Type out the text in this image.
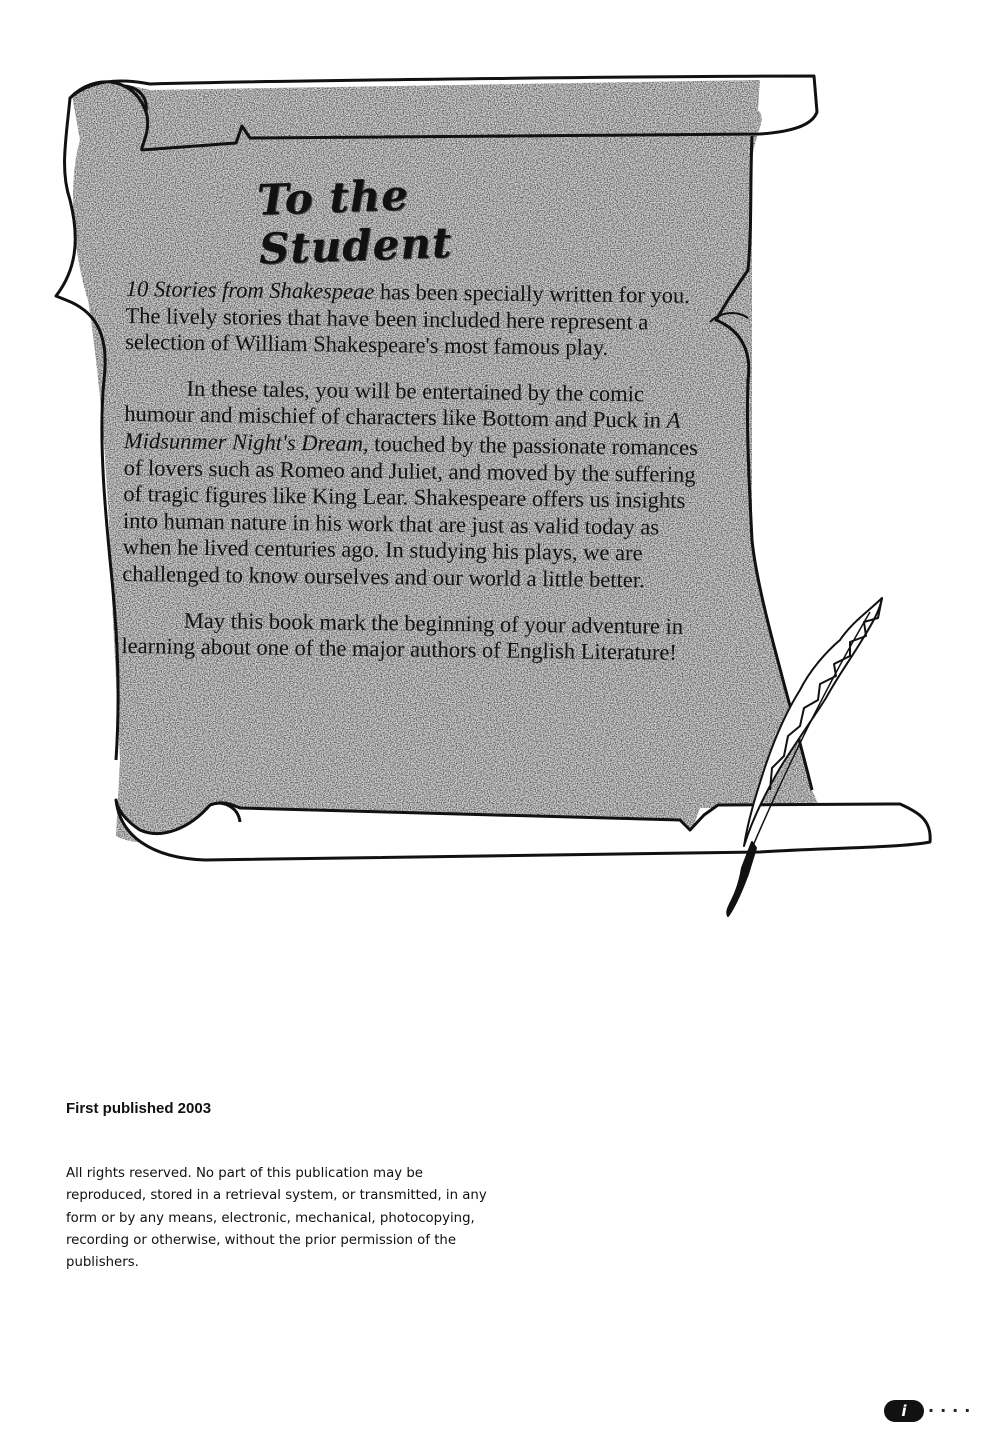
To the Student

10 Stories from Shakespeae has been specially written for you. The lively stories that have been included here represent a selection of William Shakespeare's most famous play.

In these tales, you will be entertained by the comic humour and mischief of characters like Bottom and Puck in A Midsunmer Night's Dream, touched by the passionate romances of lovers such as Romeo and Juliet, and moved by the suffering of tragic figures like King Lear. Shakespeare offers us insights into human nature in his work that are just as valid today as when he lived centuries ago. In studying his plays, we are challenged to know ourselves and our world a little better.

May this book mark the beginning of your adventure in learning about one of the major authors of English Literature!

First published 2003
All rights reserved. No part of this publication may be reproduced, stored in a retrieval system, or transmitted, in any form or by any means, electronic, mechanical, photocopying, recording or otherwise, without the prior permission of the publishers.
i	....
